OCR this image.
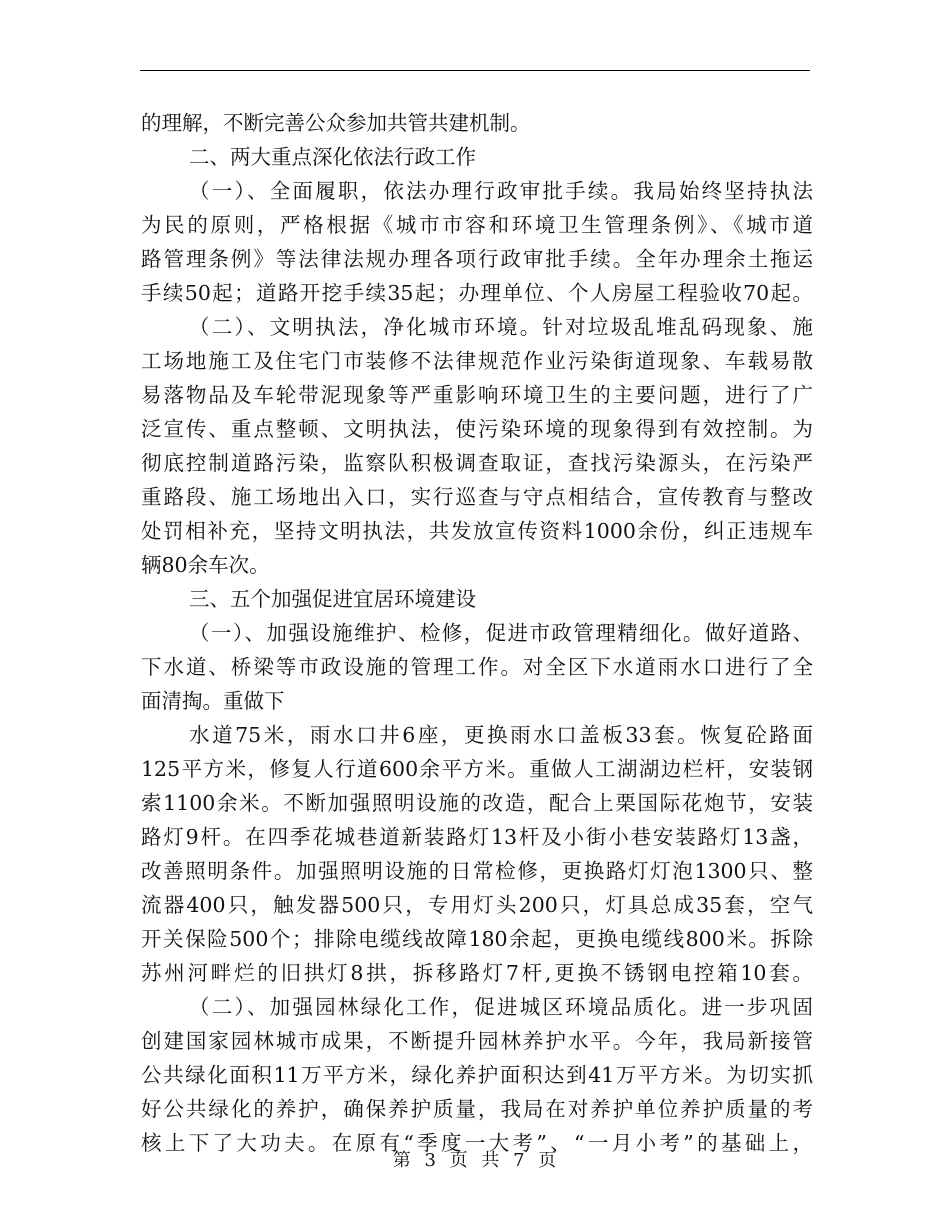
的理解，不断完善公众参加共管共建机制。
二、两大重点深化依法行政工作
（一）、全面履职，依法办理行政审批手续。我局始终坚持执法
为民的原则，严格根据《城市市容和环境卫生管理条例》、《城市道
路管理条例》等法律法规办理各项行政审批手续。全年办理余土拖运
手续50起；道路开挖手续35起；办理单位、个人房屋工程验收70起。
（二）、文明执法，净化城市环境。针对垃圾乱堆乱码现象、施
工场地施工及住宅门市装修不法律规范作业污染街道现象、车载易散
易落物品及车轮带泥现象等严重影响环境卫生的主要问题，进行了广
泛宣传、重点整顿、文明执法，使污染环境的现象得到有效控制。为
彻底控制道路污染，监察队积极调查取证，查找污染源头，在污染严
重路段、施工场地出入口，实行巡查与守点相结合，宣传教育与整改
处罚相补充，坚持文明执法，共发放宣传资料1000余份，纠正违规车
辆80余车次。
三、五个加强促进宜居环境建设
（一）、加强设施维护、检修，促进市政管理精细化。做好道路、
下水道、桥梁等市政设施的管理工作。对全区下水道雨水口进行了全
面清掏。重做下
水道75米，雨水口井6座，更换雨水口盖板33套。恢复砼路面
125平方米，修复人行道600余平方米。重做人工湖湖边栏杆，安装钢
索1100余米。不断加强照明设施的改造，配合上栗国际花炮节，安装
路灯9杆。在四季花城巷道新装路灯13杆及小街小巷安装路灯13盏，
改善照明条件。加强照明设施的日常检修，更换路灯灯泡1300只、整
流器400只，触发器500只，专用灯头200只，灯具总成35套，空气
开关保险500个；排除电缆线故障180余起，更换电缆线800米。拆除
苏州河畔烂的旧拱灯8拱，拆移路灯7杆,更换不锈钢电控箱10套。
（二）、加强园林绿化工作，促进城区环境品质化。进一步巩固
创建国家园林城市成果，不断提升园林养护水平。今年，我局新接管
公共绿化面积11万平方米，绿化养护面积达到41万平方米。为切实抓
好公共绿化的养护，确保养护质量，我局在对养护单位养护质量的考
核上下了大功夫。在原有“季度一大考”、“一月小考”的基础上，
第 3 页 共 7 页
